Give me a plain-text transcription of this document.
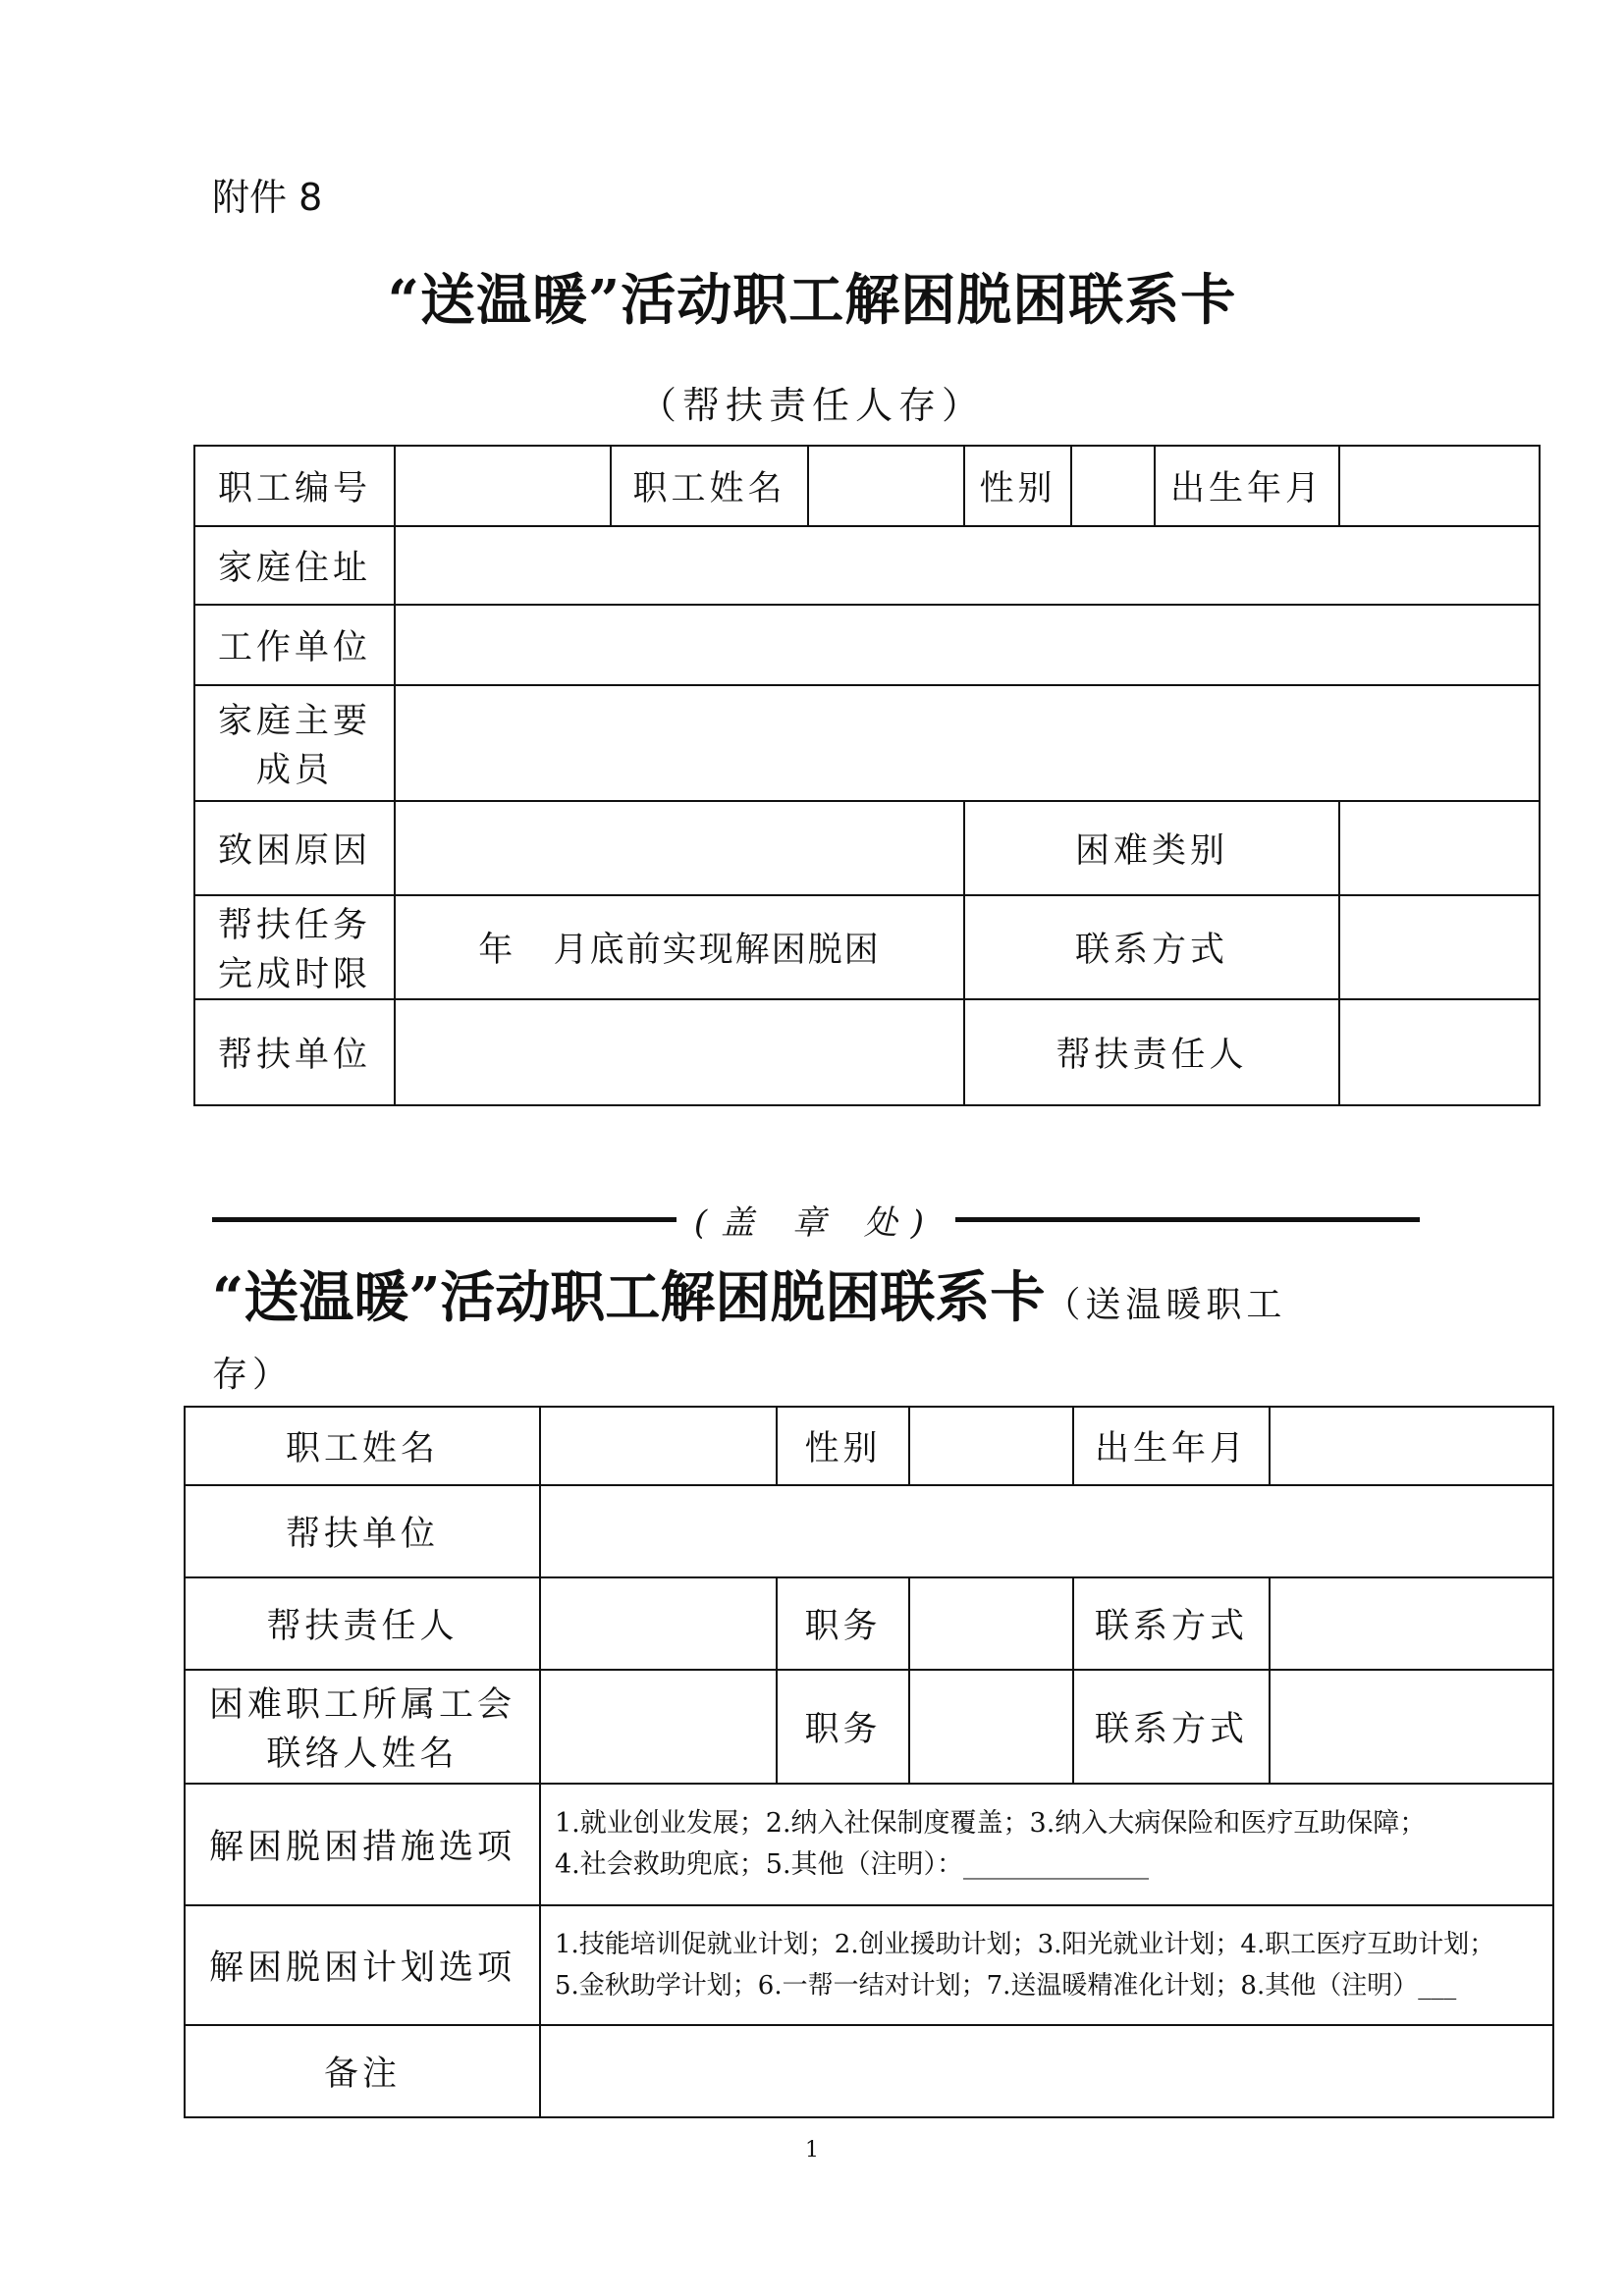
附件 8
“送温暖”活动职工解困脱困联系卡
（帮扶责任人存）
职工编号		职工姓名		性别		出生年月	
家庭住址							
工作单位							

家庭主要
成员							

致困原因				困难类别			

帮扶任务
完成时限	年   月底前实现解困脱困			联系方式			
帮扶单位				帮扶责任人			
(盖 章 处)
“送温暖”活动职工解困脱困联系卡（送温暖职工
存）
职工姓名		性别		出生年月	
帮扶单位					
帮扶责任人		职务		联系方式	

困难职工所属工会
联络人姓名		职务		联系方式	
解困脱困措施选项	1.就业创业发展；2.纳入社保制度覆盖；3.纳入大病保险和医疗互助保障；
4.社会救助兜底；5.其他（注明）：______________				

解困脱困计划选项	1.技能培训促就业计划；2.创业援助计划；3.阳光就业计划；4.职工医疗互助计划；
5.金秋助学计划；6.一帮一结对计划；7.送温暖精准化计划；8.其他（注明）___				

备注					
1
